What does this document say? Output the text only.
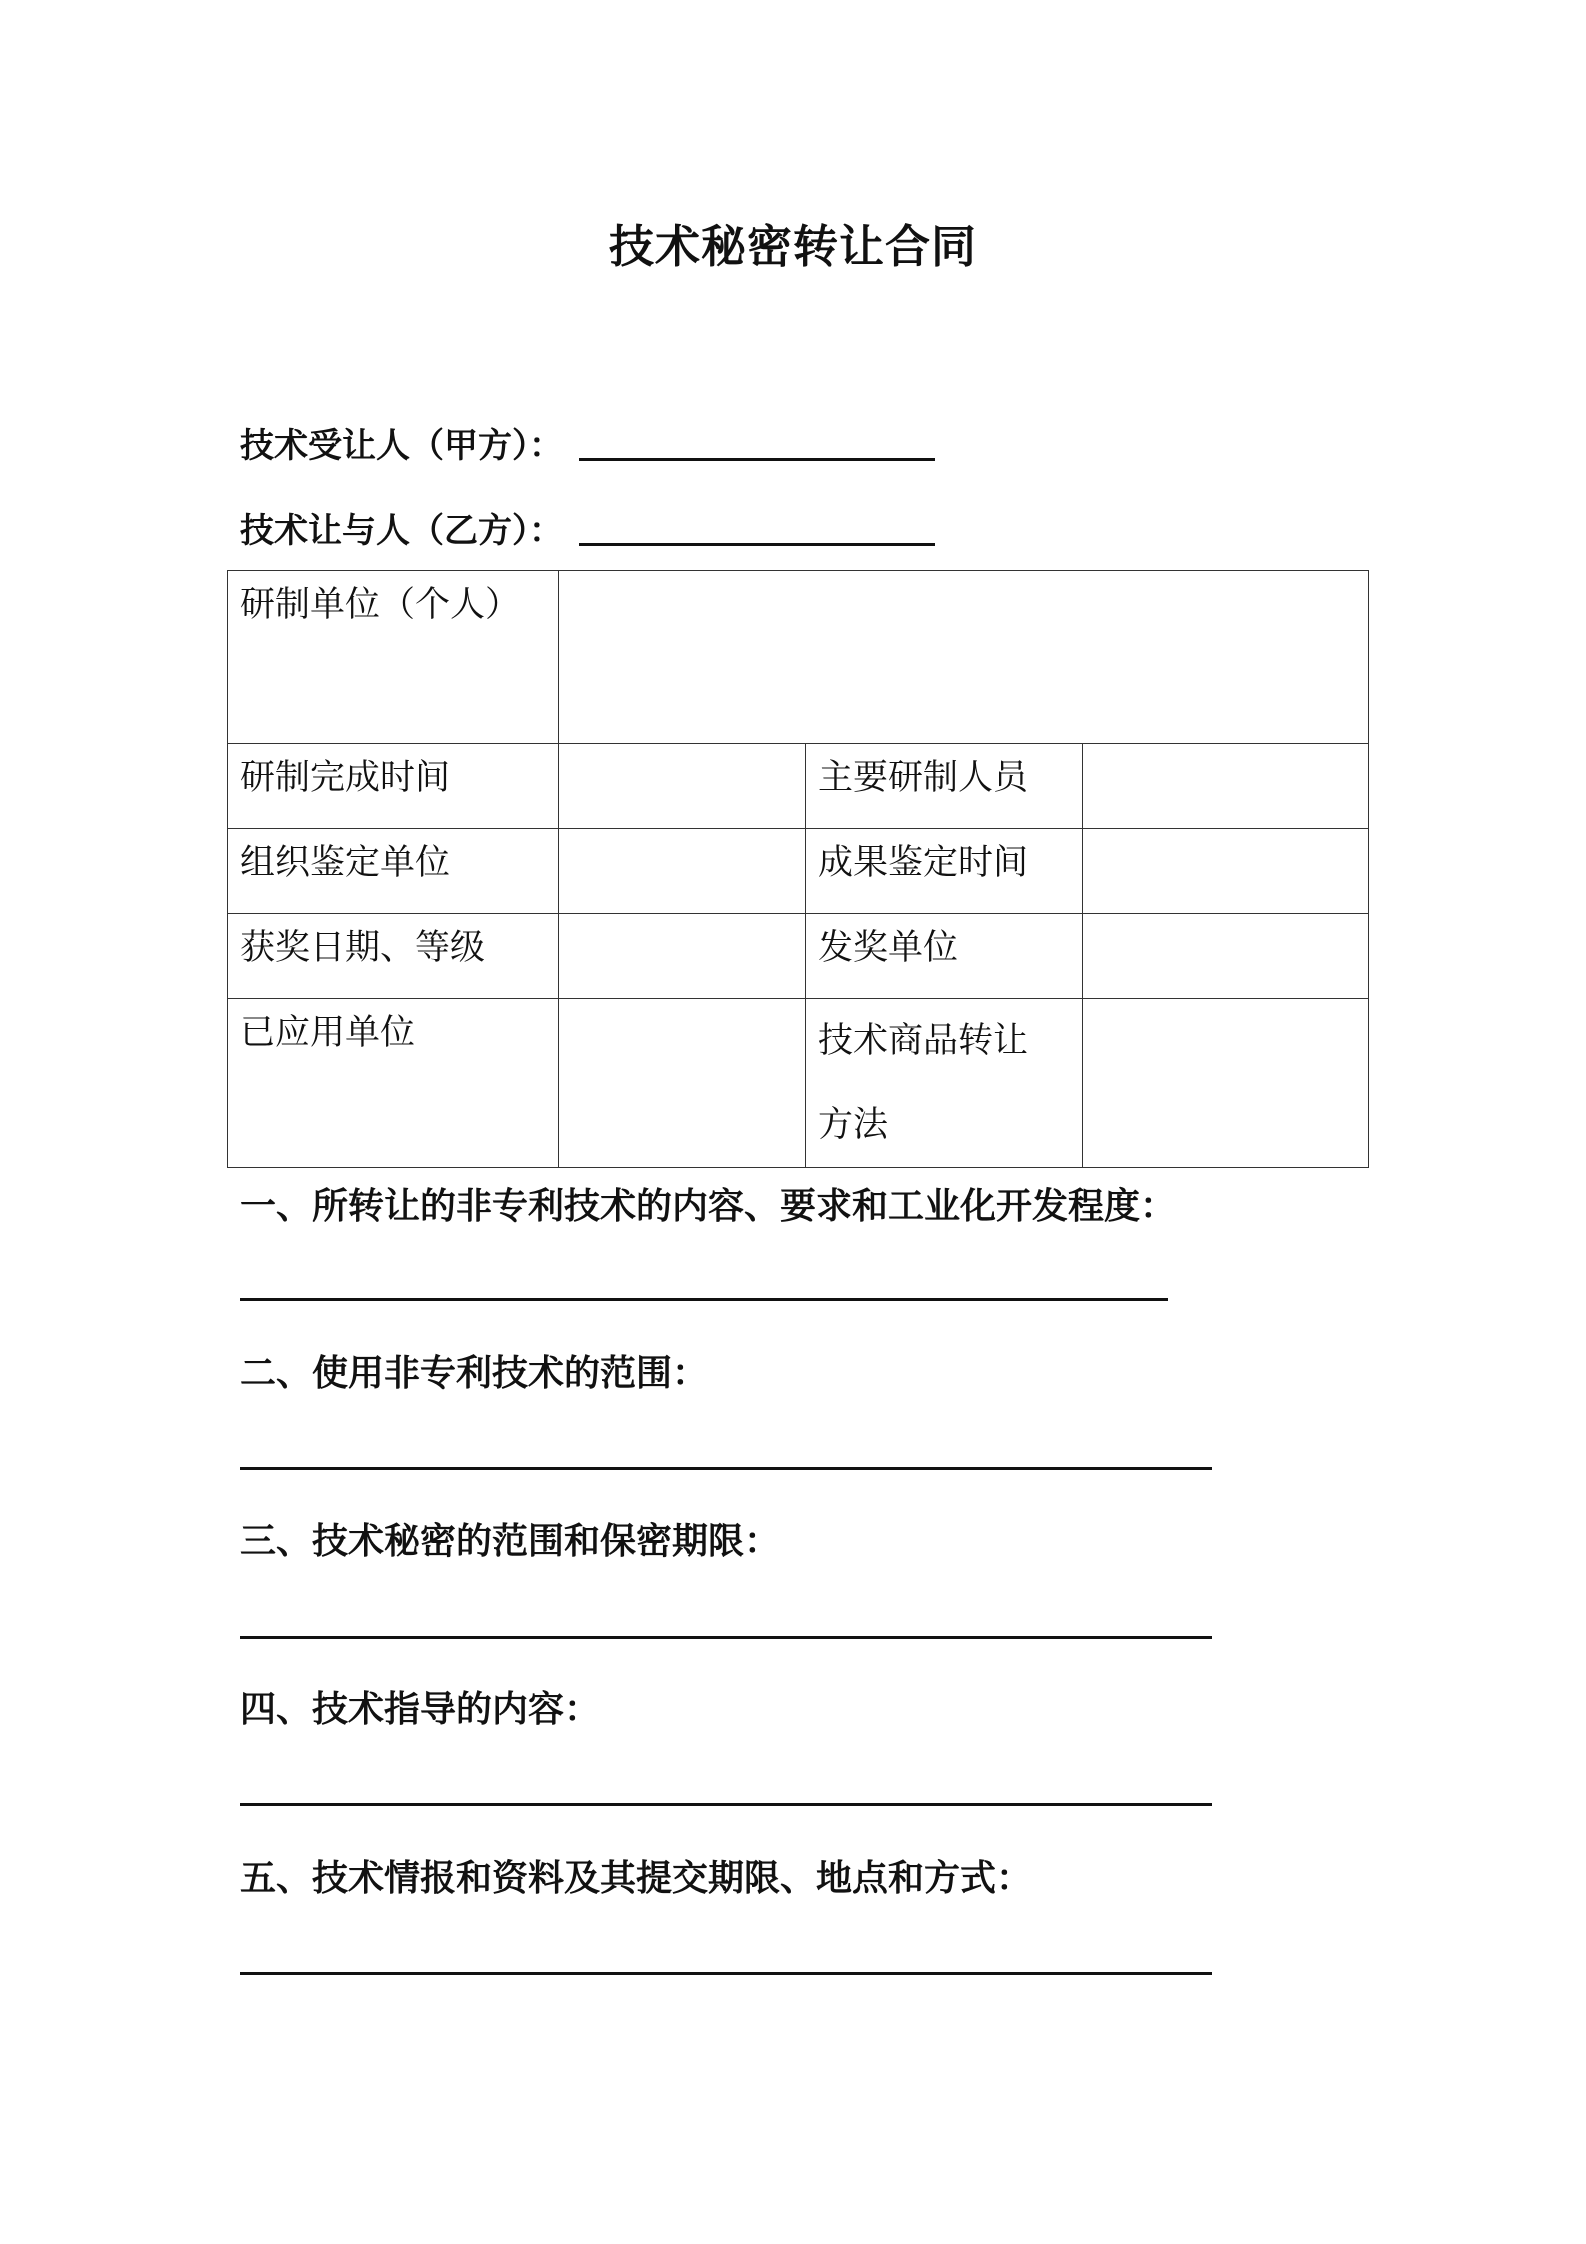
技术秘密转让合同
技术受让人（甲方）：
技术让与人（乙方）：
研制单位（个人）			
研制完成时间		主要研制人员	
组织鉴定单位		成果鉴定时间	
获奖日期、等级		发奖单位	
已应用单位		技术商品转让
方法	
一、所转让的非专利技术的内容、要求和工业化开发程度：
二、使用非专利技术的范围：
三、技术秘密的范围和保密期限：
四、技术指导的内容：
五、技术情报和资料及其提交期限、地点和方式：
